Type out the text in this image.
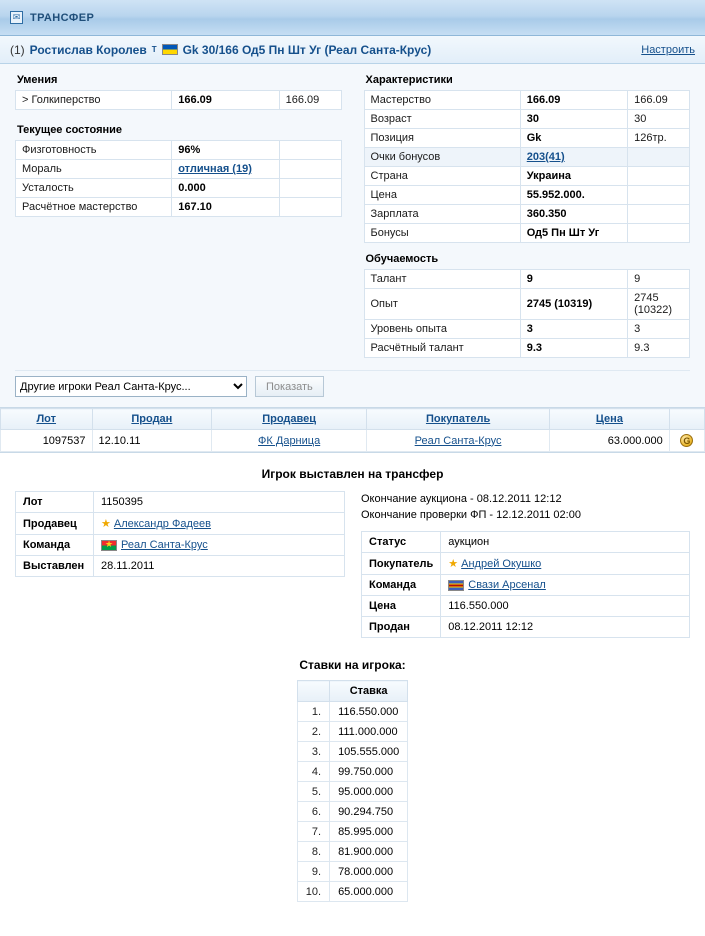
✉ ТРАНСФЕР
(1) Ростислав Королев Т Gk 30/166 Од5 Пн Шт Уг (Реал Санта-Крус)	Настроить
Умения
> Голкиперство	166.09	166.09
Текущее состояние
Физготовность	96%	
Мораль	отличная (19)	
Усталость	0.000	
Расчётное мастерство	167.10	
Характеристики
Мастерство	166.09	166.09
Возраст	30	30
Позиция	Gk	126тр.
Очки бонусов	203(41)	
Страна	Украина	
Цена	55.952.000.	
Зарплата	360.350	
Бонусы	Од5 Пн Шт Уг	
Обучаемость
Талант	9	9
Опыт	2745 (10319)	2745 (10322)
Уровень опыта	3	3
Расчётный талант	9.3	9.3
Другие игроки Реал Санта-Крус...
Показать
Лот	Продан	Продавец	Покупатель	Цена	
1097537	12.10.11	ФК Дарница	Реал Санта-Крус	63.000.000	G
Игрок выставлен на трансфер
Лот	1150395
Продавец	★ Александр Фадеев
Команда	★Реал Санта-Крус
Выставлен	28.11.2011
Окончание аукциона - 08.12.2011 12:12
Окончание проверки ФП - 12.12.2011 02:00
Статус	аукцион
Покупатель	★ Андрей Окушко
Команда	Свази Арсенал
Цена	116.550.000
Продан	08.12.2011 12:12
Ставки на игрока:
	Ставка
1.	116.550.000
2.	111.000.000
3.	105.555.000
4.	99.750.000
5.	95.000.000
6.	90.294.750
7.	85.995.000
8.	81.900.000
9.	78.000.000
10.	65.000.000
